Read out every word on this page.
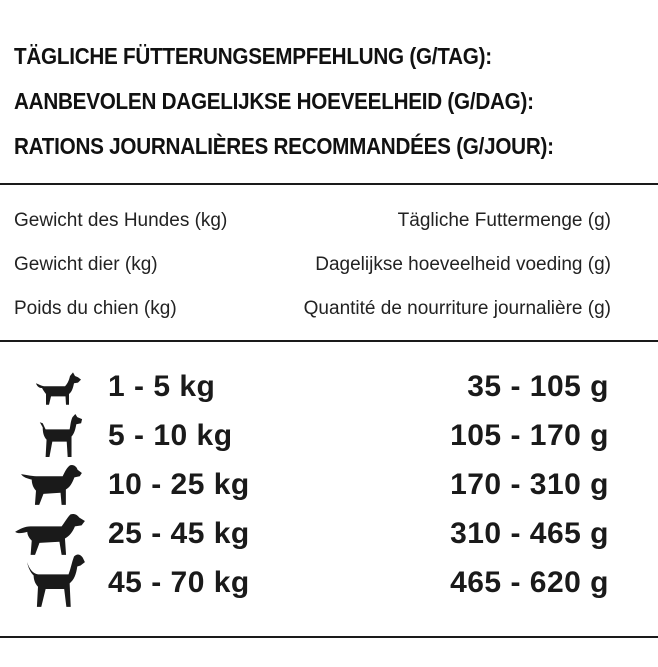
TÄGLICHE FÜTTERUNGSEMPFEHLUNG (G/TAG):
AANBEVOLEN DAGELIJKSE HOEVEELHEID (G/DAG):
RATIONS JOURNALIÈRES RECOMMANDÉES (G/JOUR):
Gewicht des Hundes (kg)	Tägliche Futtermenge (g)
Gewicht dier (kg)	Dagelijkse hoeveelheid voeding (g)
Poids du chien (kg)	Quantité de nourriture journalière (g)
1 - 5 kg	35 - 105 g
5 - 10 kg	105 - 170 g
10 - 25 kg	170 - 310 g
25 - 45 kg	310 - 465 g
45 - 70 kg	465 - 620 g
